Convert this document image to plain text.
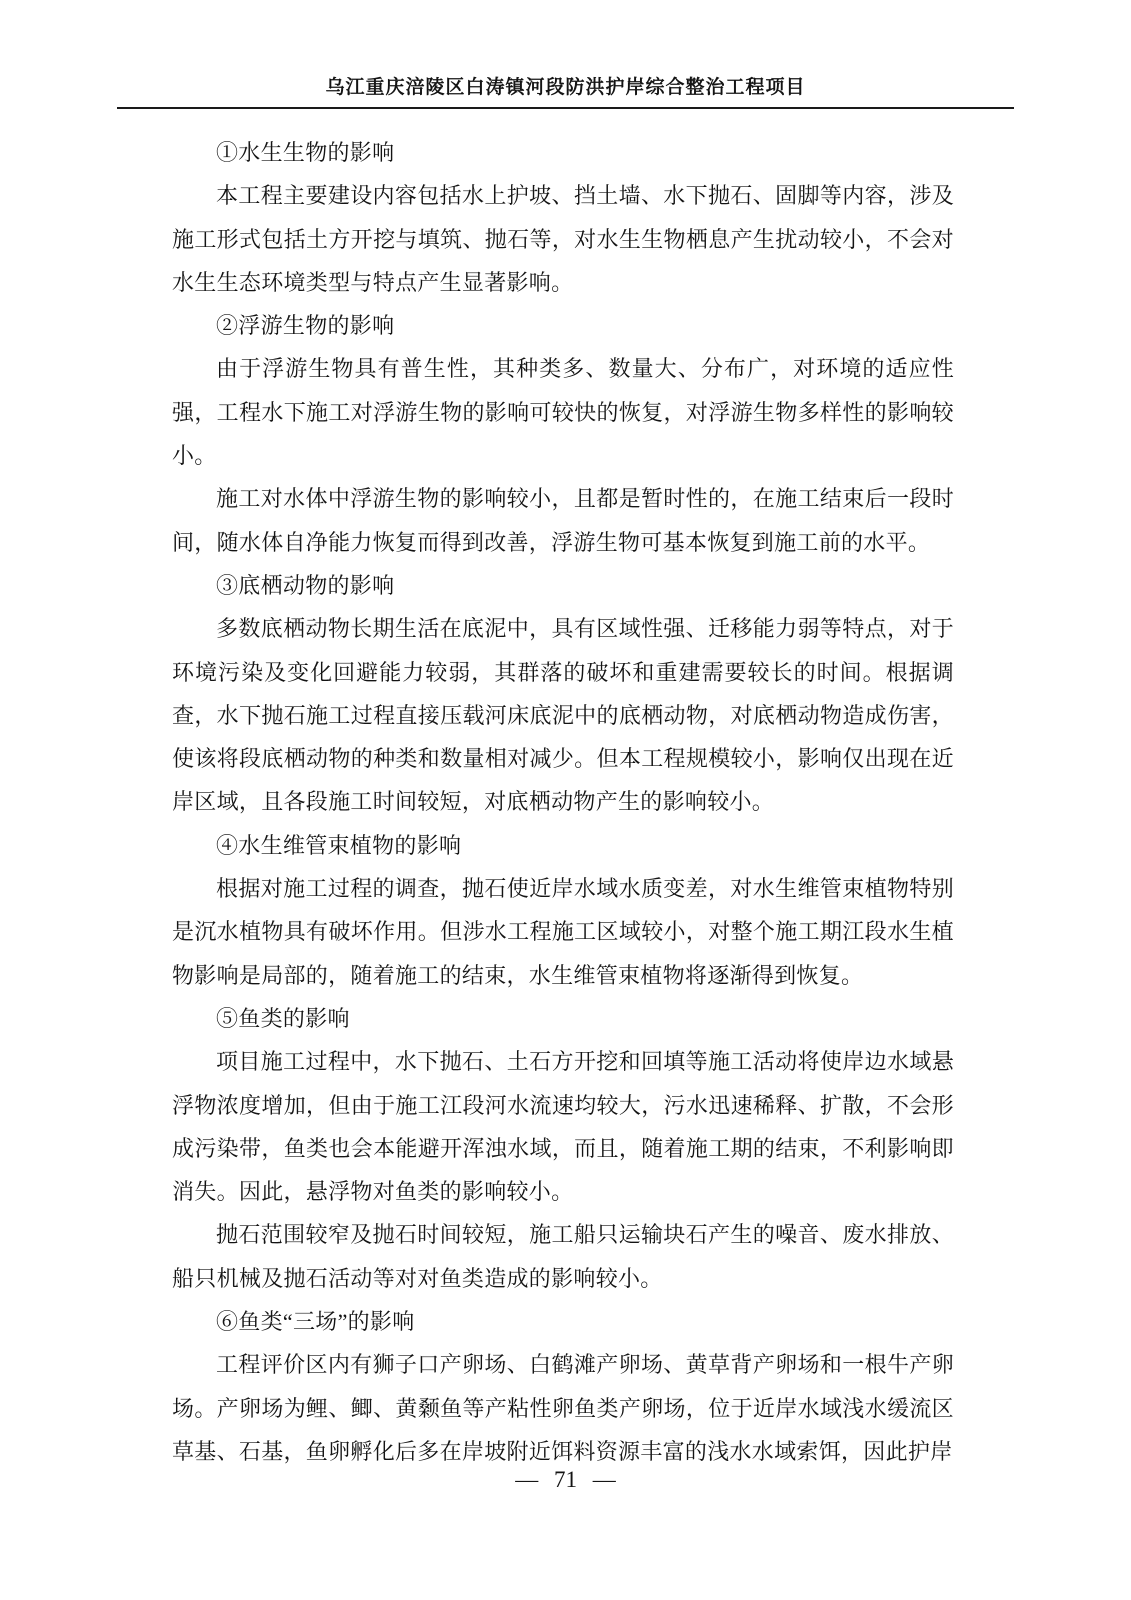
乌江重庆涪陵区白涛镇河段防洪护岸综合整治工程项目

①水生生物的影响

本工程主要建设内容包括水上护坡、挡土墙、水下抛石、固脚等内容，涉及施工形式包括土方开挖与填筑、抛石等，对水生生物栖息产生扰动较小，不会对水生生态环境类型与特点产生显著影响。

②浮游生物的影响

由于浮游生物具有普生性，其种类多、数量大、分布广，对环境的适应性强，工程水下施工对浮游生物的影响可较快的恢复，对浮游生物多样性的影响较小。

施工对水体中浮游生物的影响较小，且都是暂时性的，在施工结束后一段时间，随水体自净能力恢复而得到改善，浮游生物可基本恢复到施工前的水平。

③底栖动物的影响

多数底栖动物长期生活在底泥中，具有区域性强、迁移能力弱等特点，对于环境污染及变化回避能力较弱，其群落的破坏和重建需要较长的时间。根据调查，水下抛石施工过程直接压载河床底泥中的底栖动物，对底栖动物造成伤害，使该将段底栖动物的种类和数量相对减少。但本工程规模较小，影响仅出现在近岸区域，且各段施工时间较短，对底栖动物产生的影响较小。

④水生维管束植物的影响

根据对施工过程的调查，抛石使近岸水域水质变差，对水生维管束植物特别是沉水植物具有破坏作用。但涉水工程施工区域较小，对整个施工期江段水生植物影响是局部的，随着施工的结束，水生维管束植物将逐渐得到恢复。

⑤鱼类的影响

项目施工过程中，水下抛石、土石方开挖和回填等施工活动将使岸边水域悬浮物浓度增加，但由于施工江段河水流速均较大，污水迅速稀释、扩散，不会形成污染带，鱼类也会本能避开浑浊水域，而且，随着施工期的结束，不利影响即消失。因此，悬浮物对鱼类的影响较小。

抛石范围较窄及抛石时间较短，施工船只运输块石产生的噪音、废水排放、船只机械及抛石活动等对对鱼类造成的影响较小。

⑥鱼类“三场”的影响

工程评价区内有狮子口产卵场、白鹤滩产卵场、黄草背产卵场和一根牛产卵场。产卵场为鲤、鲫、黄颡鱼等产粘性卵鱼类产卵场，位于近岸水域浅水缓流区草基、石基，鱼卵孵化后多在岸坡附近饵料资源丰富的浅水水域索饵，因此护岸

— 71 —
